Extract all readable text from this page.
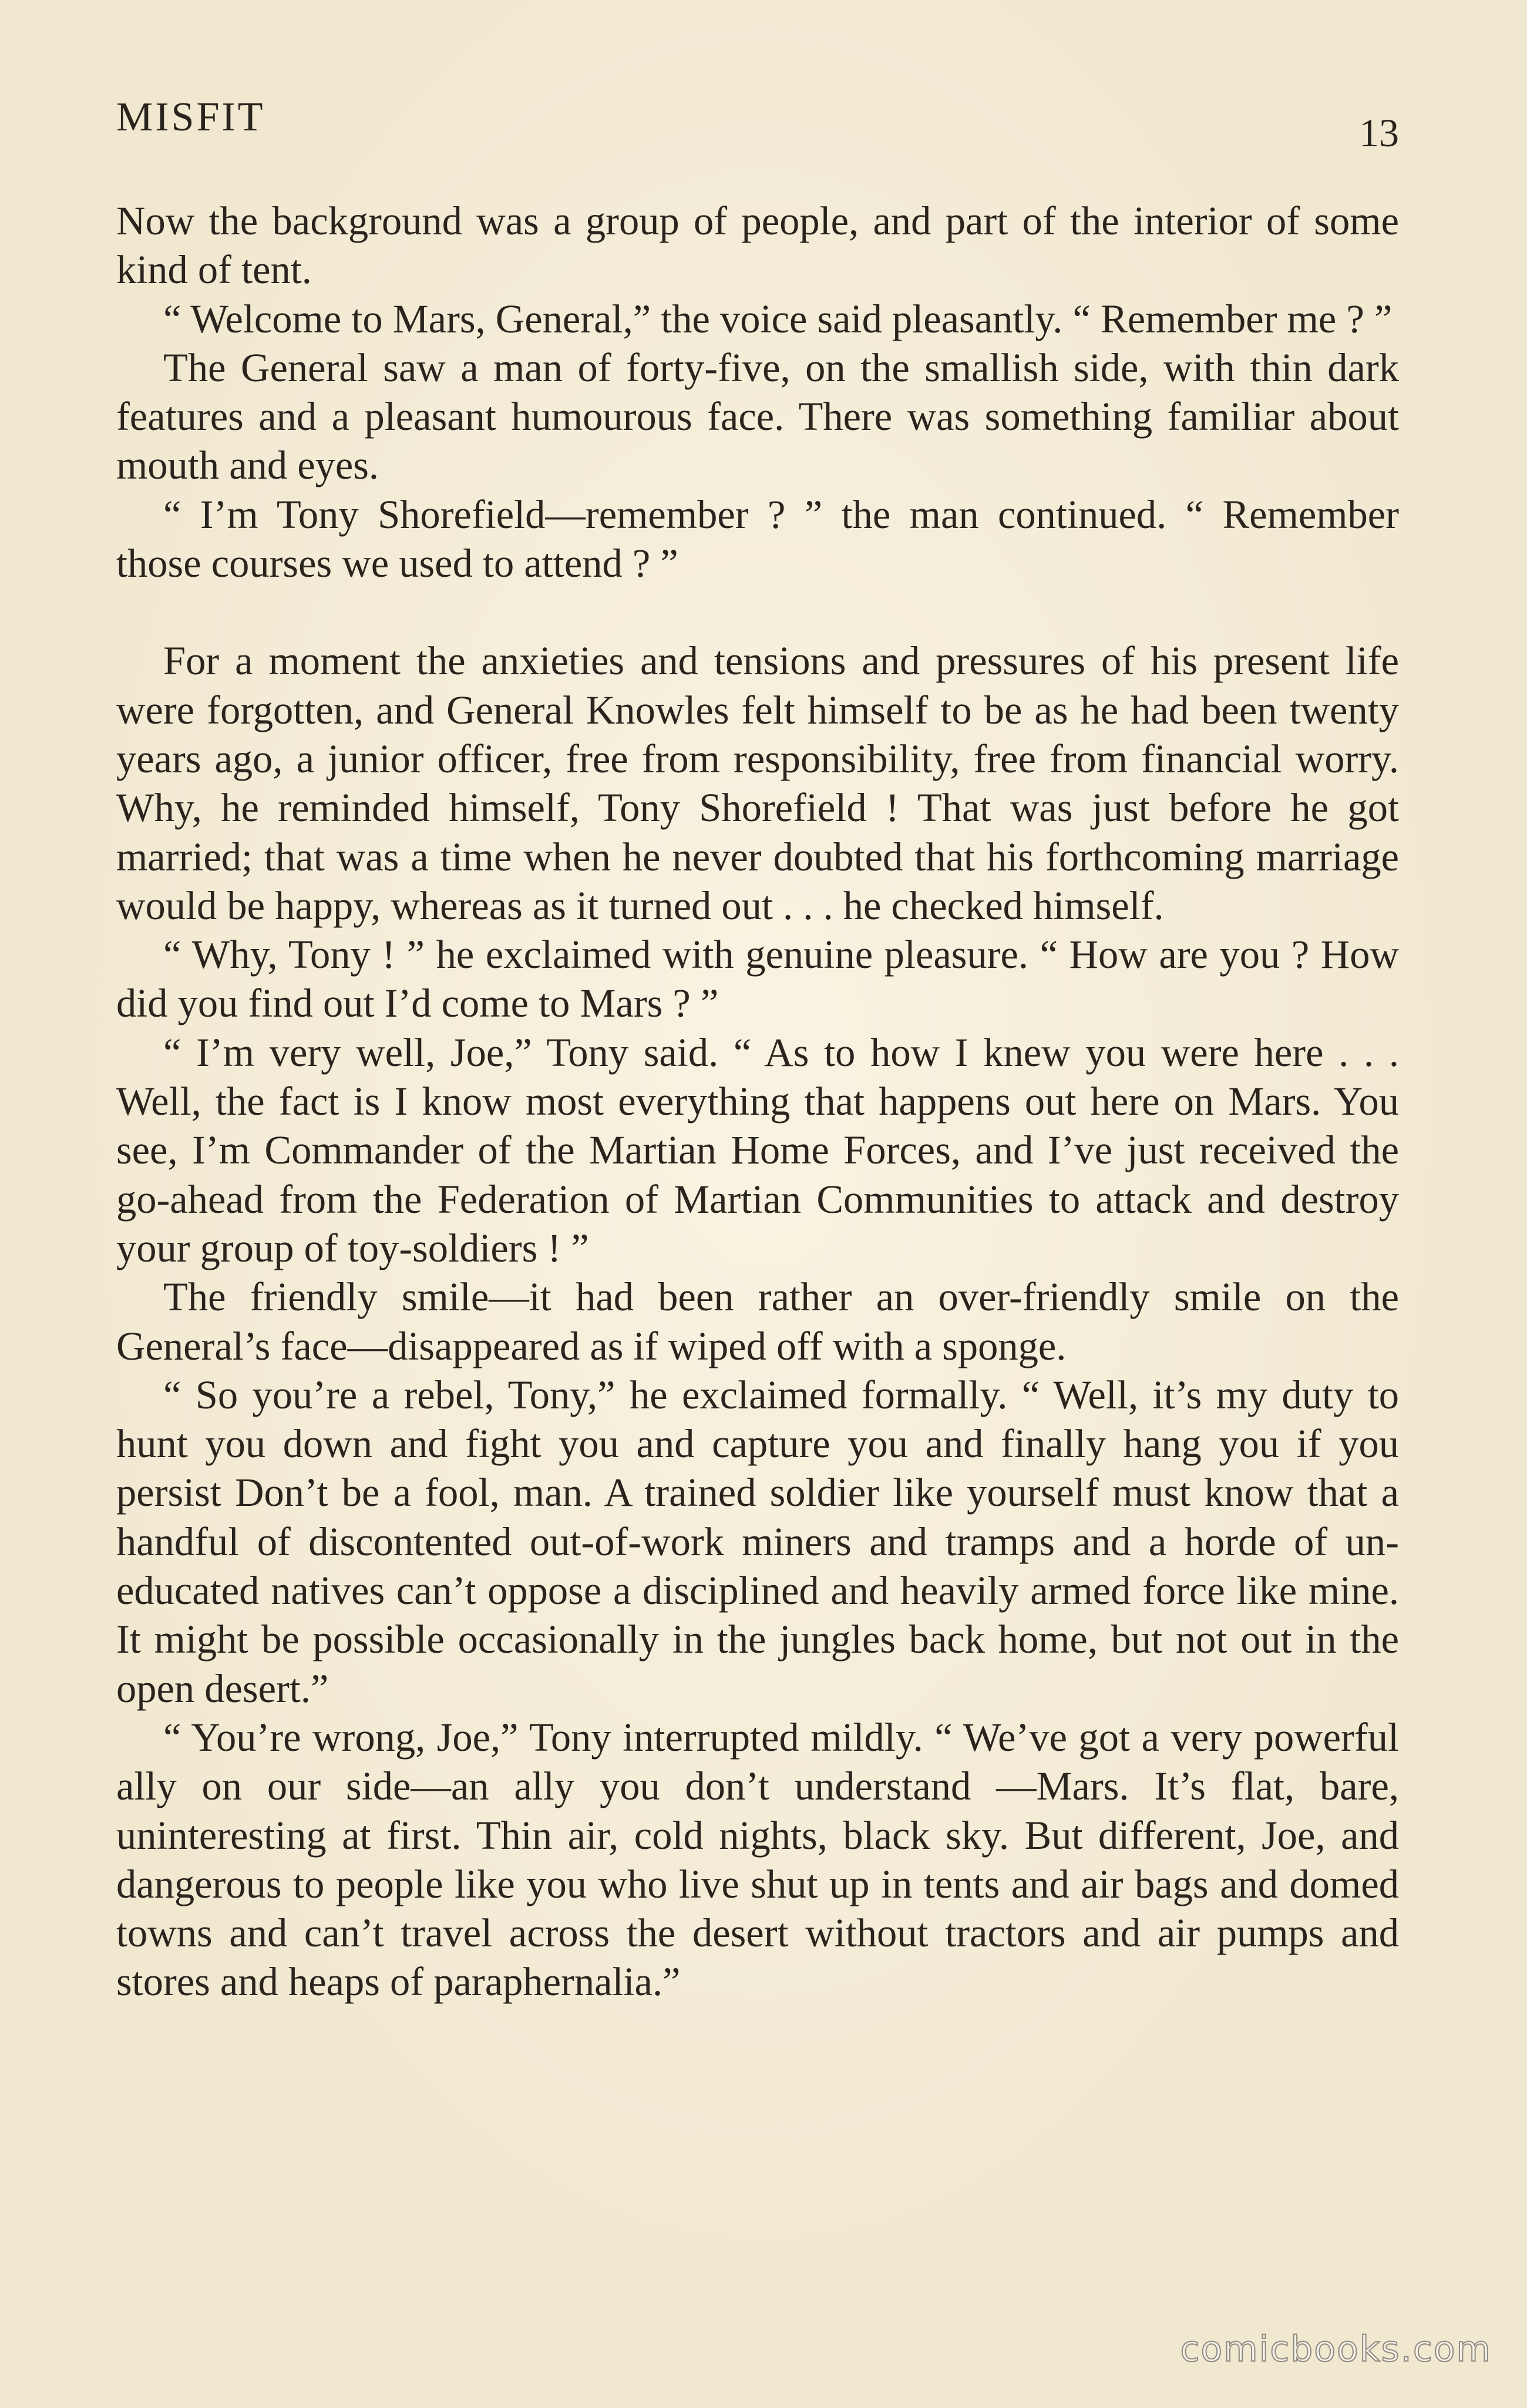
MISFIT	13

Now the background was a group of people, and part of the interior of some kind of tent.

“ Welcome to Mars, General,” the voice said pleasantly. “ Remember me ? ”

The General saw a man of forty-five, on the smallish side, with thin dark features and a pleasant humourous face. There was something familiar about mouth and eyes.

“ I’m Tony Shorefield—remember ? ” the man continued. “ Remember those courses we used to attend ? ”

For a moment the anxieties and tensions and pressures of his present life were forgotten, and General Knowles felt himself to be as he had been twenty years ago, a junior officer, free from responsibility, free from financial worry. Why, he reminded himself, Tony Shorefield ! That was just before he got married; that was a time when he never doubted that his forthcoming marriage would be happy, whereas as it turned out . . . he checked himself.

“ Why, Tony ! ” he exclaimed with genuine pleasure. “ How are you ? How did you find out I’d come to Mars ? ”

“ I’m very well, Joe,” Tony said. “ As to how I knew you were here . . . Well, the fact is I know most everything that happens out here on Mars. You see, I’m Commander of the Martian Home Forces, and I’ve just received the go-ahead from the Federation of Martian Communities to attack and destroy your group of toy-soldiers ! ”

The friendly smile—it had been rather an over-friendly smile on the General’s face—disappeared as if wiped off with a sponge.

“ So you’re a rebel, Tony,” he exclaimed formally. “ Well, it’s my duty to hunt you down and fight you and capture you and finally hang you if you persist Don’t be a fool, man. A trained soldier like yourself must know that a handful of discontented out-of-work miners and tramps and a horde of uneducated natives can’t oppose a disciplined and heavily armed force like mine. It might be possible occasionally in the jungles back home, but not out in the open desert.”

“ You’re wrong, Joe,” Tony interrupted mildly. “ We’ve got a very powerful ally on our side—an ally you don’t understand —Mars. It’s flat, bare, uninteresting at first. Thin air, cold nights, black sky. But different, Joe, and dangerous to people like you who live shut up in tents and air bags and domed towns and can’t travel across the desert without tractors and air pumps and stores and heaps of paraphernalia.”

comicbooks.com
